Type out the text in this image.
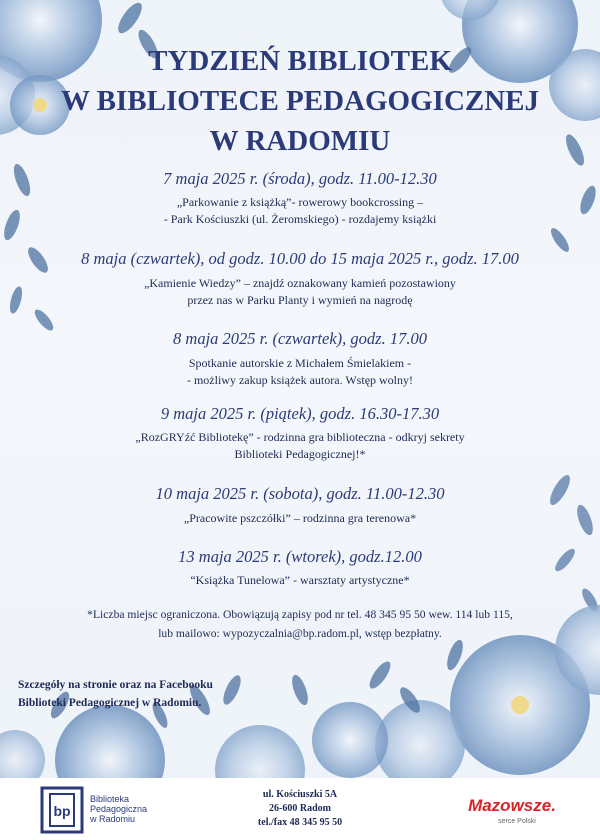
TYDZIEŃ BIBLIOTEK
W BIBLIOTECE PEDAGOGICZNEJ
W RADOMIU
7 maja 2025 r. (środa), godz. 11.00-12.30
„Parkowanie z książką”- rowerowy bookcrossing –
- Park Kościuszki (ul. Żeromskiego) - rozdajemy książki
8 maja (czwartek), od godz. 10.00 do 15 maja 2025 r., godz. 17.00
„Kamienie Wiedzy” – znajdź oznakowany kamień pozostawiony
przez nas w Parku Planty i wymień na nagrodę
8 maja 2025 r. (czwartek), godz. 17.00
Spotkanie autorskie z Michałem Śmielakiem -
- możliwy zakup książek autora. Wstęp wolny!
9 maja 2025 r. (piątek), godz. 16.30-17.30
„RozGRYźć Bibliotekę” - rodzinna gra biblioteczna - odkryj sekrety
Biblioteki Pedagogicznej!*
10 maja 2025 r. (sobota), godz. 11.00-12.30
„Pracowite pszczółki” – rodzinna gra terenowa*
13 maja 2025 r. (wtorek), godz.12.00
“Książka Tunelowa” - warsztaty artystyczne*
*Liczba miejsc ograniczona. Obowiązują zapisy pod nr tel. 48 345 95 50 wew. 114 lub 115,
lub mailowo: wypozyczalnia@bp.radom.pl, wstęp bezpłatny.
Szczegóły na stronie oraz na Facebooku
Biblioteki Pedagogicznej w Radomiu.
bp
Biblioteka
Pedagogiczna
w Radomiu
ul. Kościuszki 5A
26-600 Radom
tel./fax 48 345 95 50
Mazowsze.
serce Polski
